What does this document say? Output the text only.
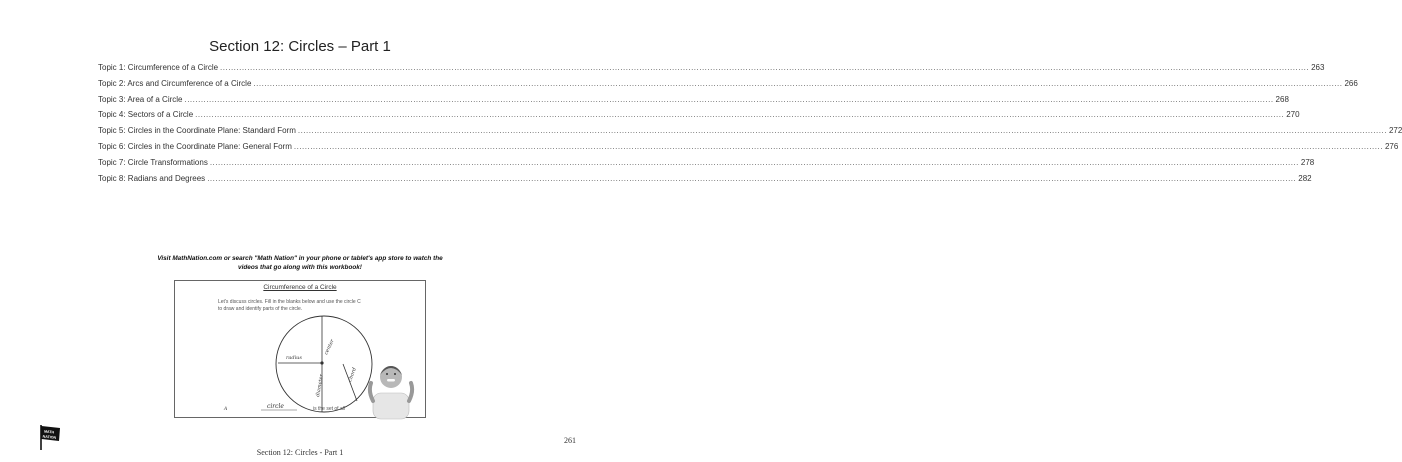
Section 12: Circles – Part 1
Topic 1: Circumference of a Circle ................................................................................................................................................................................................................................................................................................................................................................................................................ 263
Topic 2: Arcs and Circumference of a Circle ................................................................................................................................................................................................................................................................................................................................................................................................................ 266
Topic 3: Area of a Circle ................................................................................................................................................................................................................................................................................................................................................................................................................ 268
Topic 4: Sectors of a Circle ................................................................................................................................................................................................................................................................................................................................................................................................................ 270
Topic 5: Circles in the Coordinate Plane: Standard Form ................................................................................................................................................................................................................................................................................................................................................................................................................ 272
Topic 6: Circles in the Coordinate Plane: General Form ................................................................................................................................................................................................................................................................................................................................................................................................................ 276
Topic 7: Circle Transformations ................................................................................................................................................................................................................................................................................................................................................................................................................ 278
Topic 8: Radians and Degrees ................................................................................................................................................................................................................................................................................................................................................................................................................ 282
Visit MathNation.com or search "Math Nation" in your phone or tablet's app store to watch the
videos that go along with this workbook!
Circumference of a Circle
Let's discuss circles. Fill in the blanks below and use the circle C
to draw and identify parts of the circle.
radius
center
diameter	chord
A	circle	is the set of all
MATH
NATION	261
Section 12: Circles - Part 1
